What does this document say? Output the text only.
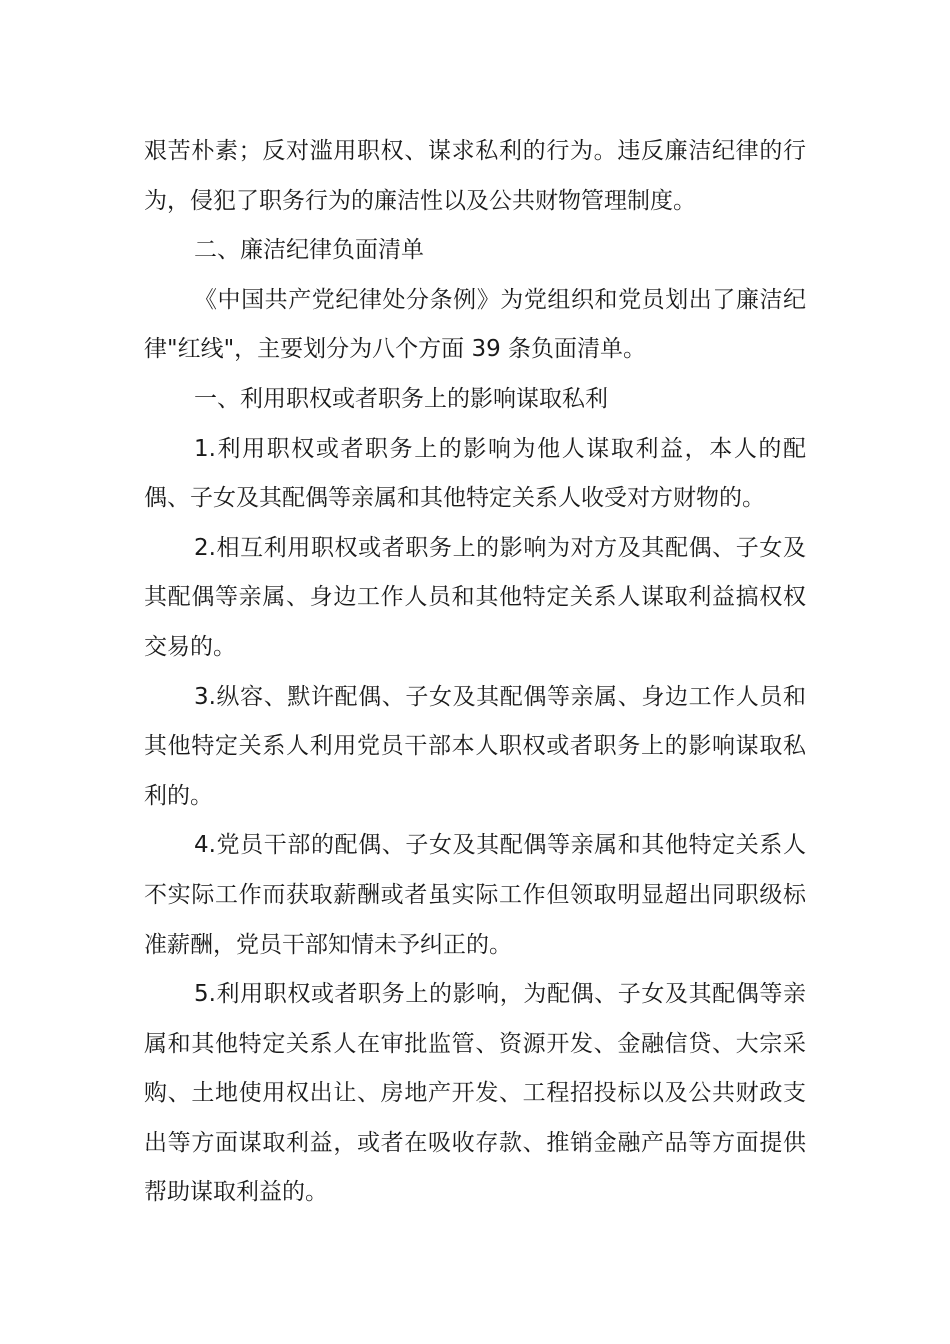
艰苦朴素；反对滥用职权、谋求私利的行为。违反廉洁纪律的行为，侵犯了职务行为的廉洁性以及公共财物管理制度。

二、廉洁纪律负面清单

《中国共产党纪律处分条例》为党组织和党员划出了廉洁纪律"红线"，主要划分为八个方面 39 条负面清单。

一、利用职权或者职务上的影响谋取私利

1.利用职权或者职务上的影响为他人谋取利益，本人的配偶、子女及其配偶等亲属和其他特定关系人收受对方财物的。

2.相互利用职权或者职务上的影响为对方及其配偶、子女及其配偶等亲属、身边工作人员和其他特定关系人谋取利益搞权权交易的。

3.纵容、默许配偶、子女及其配偶等亲属、身边工作人员和其他特定关系人利用党员干部本人职权或者职务上的影响谋取私利的。

4.党员干部的配偶、子女及其配偶等亲属和其他特定关系人不实际工作而获取薪酬或者虽实际工作但领取明显超出同职级标准薪酬，党员干部知情未予纠正的。

5.利用职权或者职务上的影响，为配偶、子女及其配偶等亲属和其他特定关系人在审批监管、资源开发、金融信贷、大宗采购、土地使用权出让、房地产开发、工程招投标以及公共财政支出等方面谋取利益，或者在吸收存款、推销金融产品等方面提供帮助谋取利益的。
